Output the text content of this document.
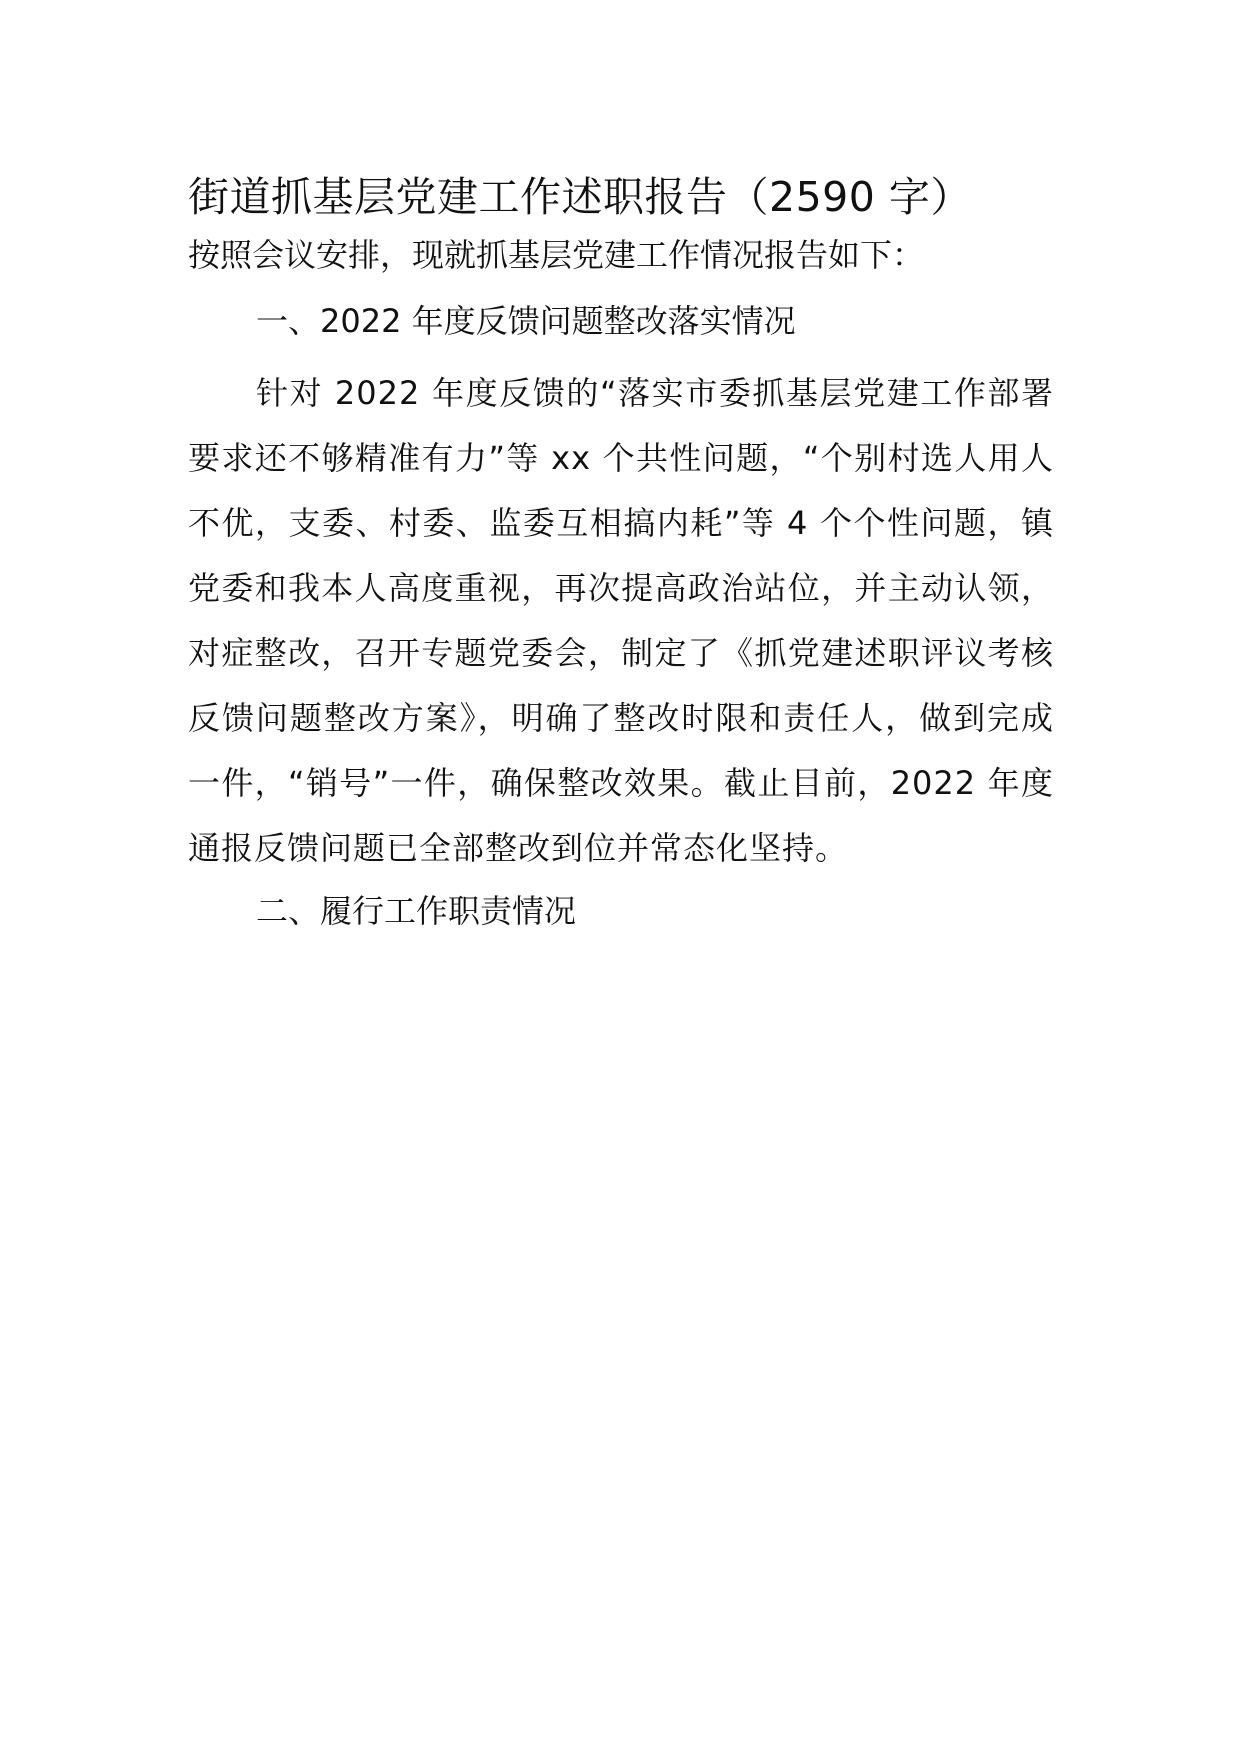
街道抓基层党建工作述职报告（2590 字）

按照会议安排，现就抓基层党建工作情况报告如下：

一、2022 年度反馈问题整改落实情况

针对 2022 年度反馈的“落实市委抓基层党建工作部署要求还不够精准有力”等 xx 个共性问题，“个别村选人用人不优，支委、村委、监委互相搞内耗”等 4 个个性问题，镇党委和我本人高度重视，再次提高政治站位，并主动认领，对症整改，召开专题党委会，制定了《抓党建述职评议考核反馈问题整改方案》，明确了整改时限和责任人，做到完成一件，“销号”一件，确保整改效果。截止目前，2022 年度通报反馈问题已全部整改到位并常态化坚持。

二、履行工作职责情况
